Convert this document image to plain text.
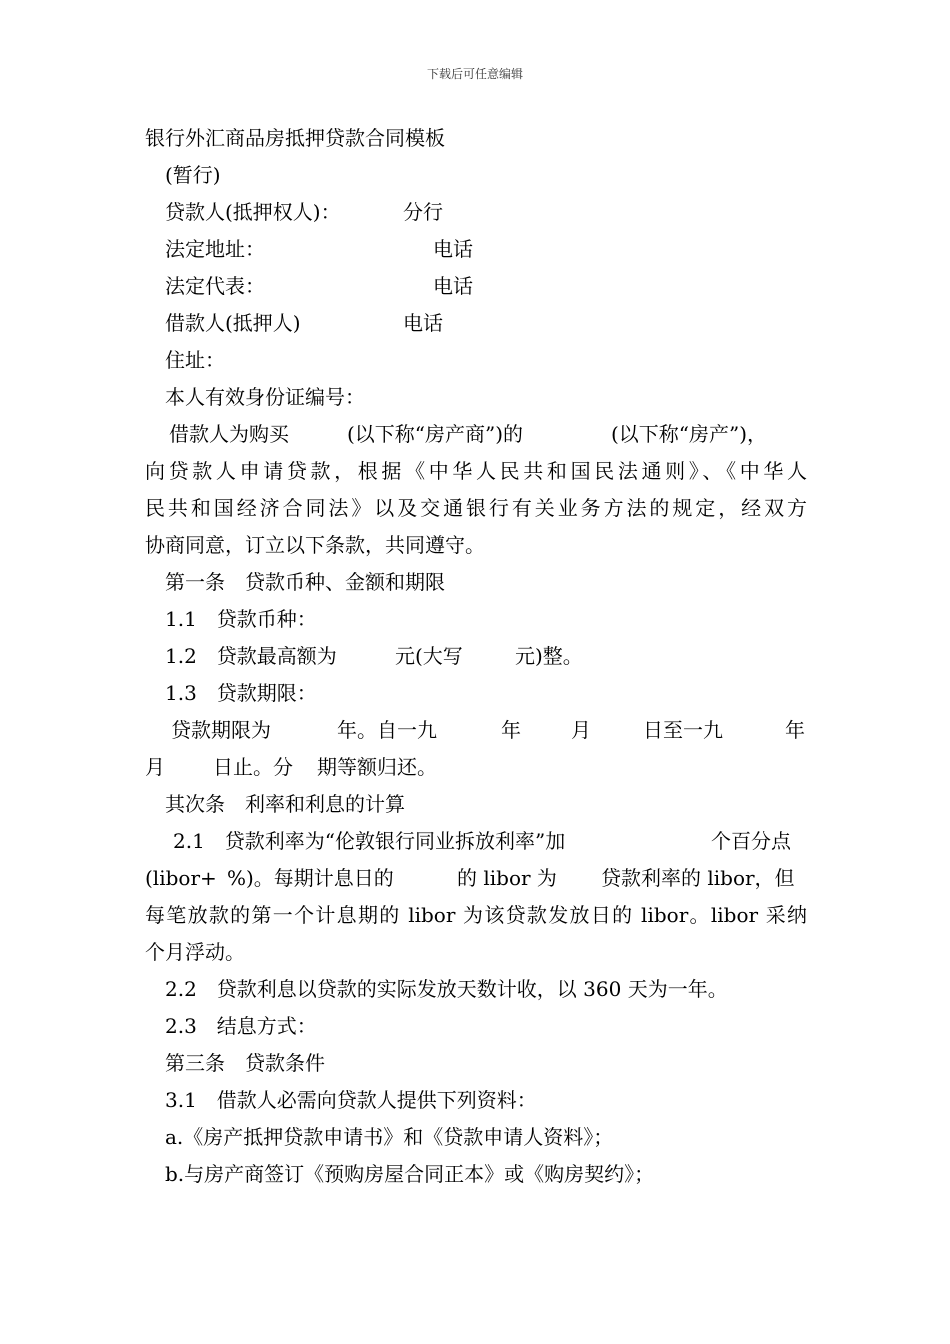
下载后可任意编辑
银行外汇商品房抵押贷款合同模板
(暂行)
贷款人(抵押权人)：	分行
法定地址：	电话
法定代表：	电话
借款人(抵押人)	电话
住址：
本人有效身份证编号：
借款人为购买	(以下称“房产商”)的	(以下称“房产”)，
向贷款人申请贷款，根据《中华人民共和国民法通则》、《中华人
民共和国经济合同法》以及交通银行有关业务方法的规定，经双方
协商同意，订立以下条款，共同遵守。
第一条　贷款币种、金额和期限
1.1　贷款币种：
1.2　贷款最高额为	元(大写	元)整。
1.3　贷款期限：
贷款期限为	年。自一九	年	月	日至一九	年
月 日止。分 期等额归还。
其次条　利率和利息的计算
2.1　贷款利率为“伦敦银行同业拆放利率”加	个百分点
(libor+ %)。每期计息日的	的 libor 为 贷款利率的 libor，但
每笔放款的第一个计息期的 libor 为该贷款发放日的 libor。libor 采纳
个月浮动。
2.2　贷款利息以贷款的实际发放天数计收，以 360 天为一年。
2.3　结息方式：
第三条　贷款条件
3.1　借款人必需向贷款人提供下列资料：
a.《房产抵押贷款申请书》和《贷款申请人资料》；
b.与房产商签订《预购房屋合同正本》或《购房契约》；
